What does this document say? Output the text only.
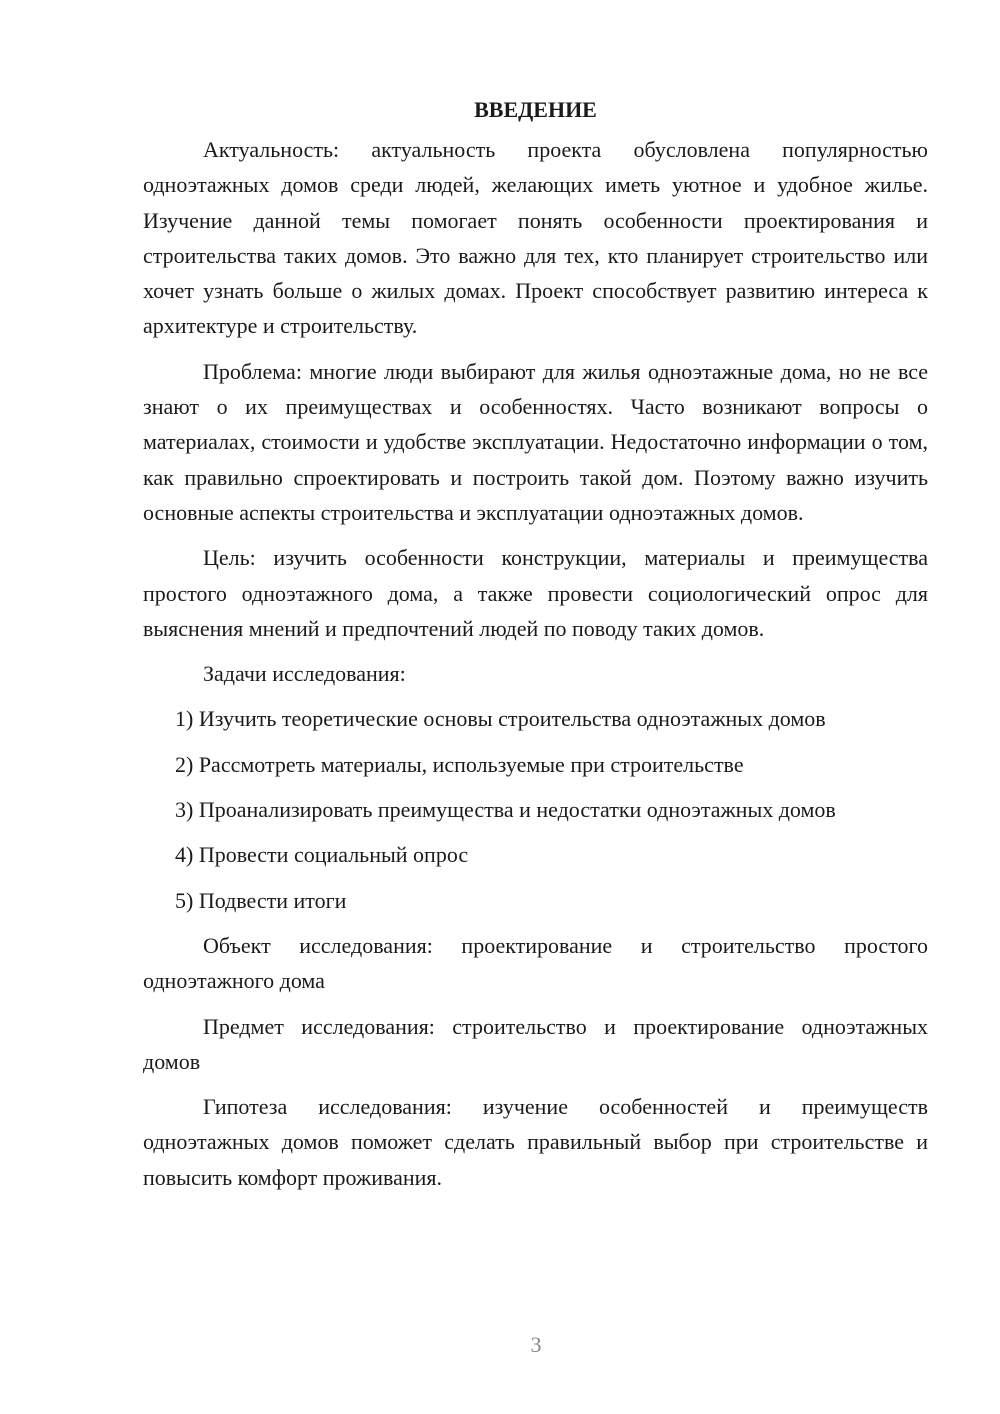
ВВЕДЕНИЕ

Актуальность: актуальность проекта обусловлена популярностью одноэтажных домов среди людей, желающих иметь уютное и удобное жилье. Изучение данной темы помогает понять особенности проектирования и строительства таких домов. Это важно для тех, кто планирует строительство или хочет узнать больше о жилых домах. Проект способствует развитию интереса к архитектуре и строительству.

Проблема: многие люди выбирают для жилья одноэтажные дома, но не все знают о их преимуществах и особенностях. Часто возникают вопросы о материалах, стоимости и удобстве эксплуатации. Недостаточно информации о том, как правильно спроектировать и построить такой дом. Поэтому важно изучить основные аспекты строительства и эксплуатации одноэтажных домов.

Цель: изучить особенности конструкции, материалы и преимущества простого одноэтажного дома, а также провести социологический опрос для выяснения мнений и предпочтений людей по поводу таких домов.

Задачи исследования:

1) Изучить теоретические основы строительства одноэтажных домов
2) Рассмотреть материалы, используемые при строительстве
3) Проанализировать преимущества и недостатки одноэтажных домов
4) Провести социальный опрос
5) Подвести итоги

Объект исследования: проектирование и строительство простого одноэтажного дома

Предмет исследования: строительство и проектирование одноэтажных домов

Гипотеза исследования: изучение особенностей и преимуществ одноэтажных домов поможет сделать правильный выбор при строительстве и повысить комфорт проживания.

3
